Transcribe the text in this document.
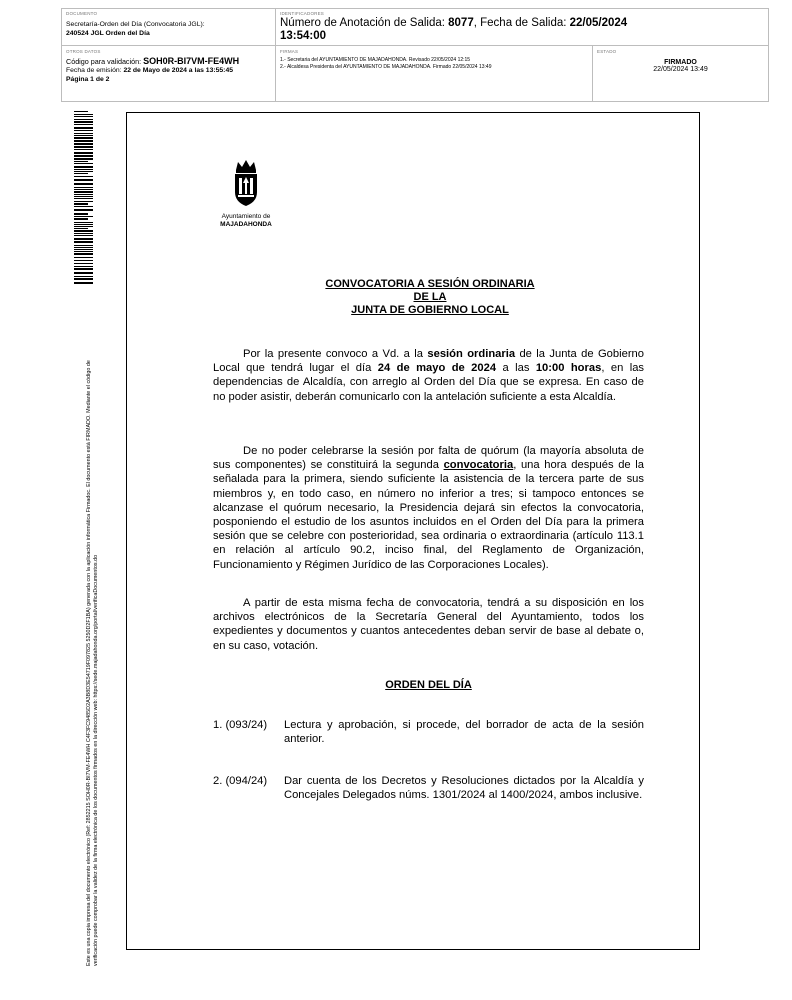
DOCUMENTO
Secretaría-Orden del Día (Convocatoria JGL):
240524 JGL Orden del Día
IDENTIFICADORES
Número de Anotación de Salida: 8077, Fecha de Salida: 22/05/2024
13:54:00
OTROS DATOS
Código para validación: SOH0R-BI7VM-FE4WH
Fecha de emisión: 22 de Mayo de 2024 a las 13:55:45
Página 1 de 2
FIRMAS
1.- Secretaria del AYUNTAMIENTO DE MAJADAHONDA. Revisado 22/05/2024 12:15
2.- Alcaldesa Presidenta del AYUNTAMIENTO DE MAJADAHONDA. Firmado 22/05/2024 13:49
ESTADO
FIRMADO
22/05/2024 13:49
Este es una copia impresa del documento electrónico (Ref: 2852215 SOH0R-BI7VM-FE4WH C4F3FC9485D2A3B8D3E54719F097825 5250D2F1BA) generada con la aplicación informática Firmadoc. El documento está FIRMADO. Mediante el código de verificación puede comprobar la validez de la firma electrónica de los documentos firmados en la dirección web: https://sede.majadahonda.org/portal/verificaDocumentos.do
Ayuntamiento de
MAJADAHONDA
CONVOCATORIA A SESIÓN ORDINARIA
DE LA
JUNTA DE GOBIERNO LOCAL
Por la presente convoco a Vd. a la sesión ordinaria de la Junta de Gobierno Local que tendrá lugar el día 24 de mayo de 2024 a las 10:00 horas, en las dependencias de Alcaldía, con arreglo al Orden del Día que se expresa. En caso de no poder asistir, deberán comunicarlo con la antelación suficiente a esta Alcaldía.
De no poder celebrarse la sesión por falta de quórum (la mayoría absoluta de sus componentes) se constituirá la segunda convocatoria, una hora después de la señalada para la primera, siendo suficiente la asistencia de la tercera parte de sus miembros y, en todo caso, en número no inferior a tres; si tampoco entonces se alcanzase el quórum necesario, la Presidencia dejará sin efectos la convocatoria, posponiendo el estudio de los asuntos incluidos en el Orden del Día para la primera sesión que se celebre con posterioridad, sea ordinaria o extraordinaria (artículo 113.1 en relación al artículo 90.2, inciso final, del Reglamento de Organización, Funcionamiento y Régimen Jurídico de las Corporaciones Locales).
A partir de esta misma fecha de convocatoria, tendrá a su disposición en los archivos electrónicos de la Secretaría General del Ayuntamiento, todos los expedientes y documentos y cuantos antecedentes deban servir de base al debate o, en su caso, votación.
ORDEN DEL DÍA
1. (093/24)	Lectura y aprobación, si procede, del borrador de acta de la sesión anterior.
2. (094/24)	Dar cuenta de los Decretos y Resoluciones dictados por la Alcaldía y Concejales Delegados núms. 1301/2024 al 1400/2024, ambos inclusive.
